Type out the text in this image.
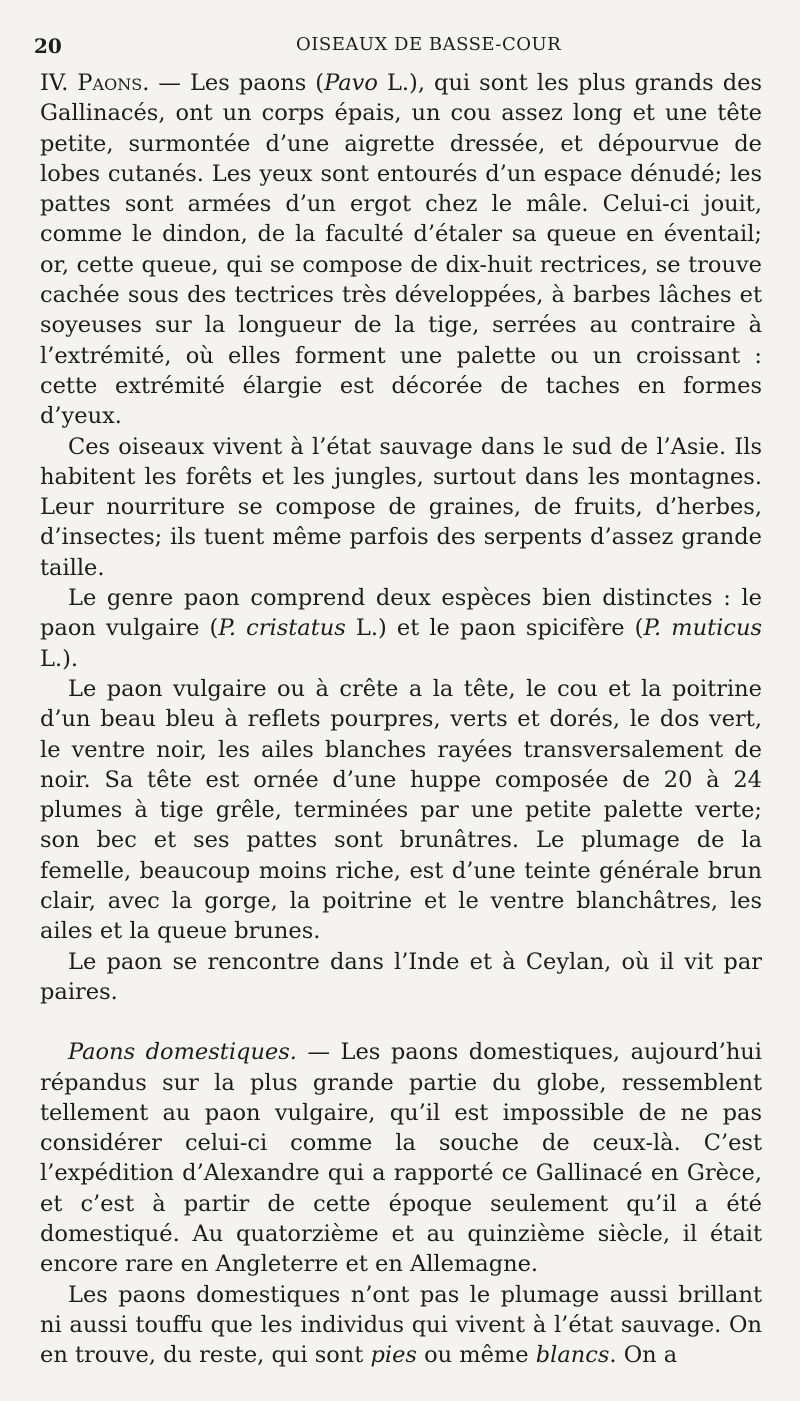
20	OISEAUX DE BASSE-COUR

IV. Paons. — Les paons (Pavo L.), qui sont les plus grands des Gallinacés, ont un corps épais, un cou assez long et une tête petite, surmontée d’une aigrette dressée, et dépourvue de lobes cutanés. Les yeux sont entourés d’un espace dénudé; les pattes sont armées d’un ergot chez le mâle. Celui-ci jouit, comme le dindon, de la faculté d’étaler sa queue en éventail; or, cette queue, qui se compose de dix-huit rectrices, se trouve cachée sous des tectrices très développées, à barbes lâches et soyeuses sur la longueur de la tige, serrées au contraire à l’extrémité, où elles forment une palette ou un croissant : cette extrémité élargie est décorée de taches en formes d’yeux.

Ces oiseaux vivent à l’état sauvage dans le sud de l’Asie. Ils habitent les forêts et les jungles, surtout dans les montagnes. Leur nourriture se compose de graines, de fruits, d’herbes, d’insectes; ils tuent même parfois des serpents d’assez grande taille.

Le genre paon comprend deux espèces bien distinctes : le paon vulgaire (P. cristatus L.) et le paon spicifère (P. muticus L.).

Le paon vulgaire ou à crête a la tête, le cou et la poitrine d’un beau bleu à reflets pourpres, verts et dorés, le dos vert, le ventre noir, les ailes blanches rayées transversalement de noir. Sa tête est ornée d’une huppe composée de 20 à 24 plumes à tige grêle, terminées par une petite palette verte; son bec et ses pattes sont brunâtres. Le plumage de la femelle, beaucoup moins riche, est d’une teinte générale brun clair, avec la gorge, la poitrine et le ventre blanchâtres, les ailes et la queue brunes.

Le paon se rencontre dans l’Inde et à Ceylan, où il vit par paires.

Paons domestiques. — Les paons domestiques, aujourd’hui répandus sur la plus grande partie du globe, ressemblent tellement au paon vulgaire, qu’il est impossible de ne pas considérer celui-ci comme la souche de ceux-là. C’est l’expédition d’Alexandre qui a rapporté ce Gallinacé en Grèce, et c’est à partir de cette époque seulement qu’il a été domestiqué. Au quatorzième et au quinzième siècle, il était encore rare en Angleterre et en Allemagne.

Les paons domestiques n’ont pas le plumage aussi brillant ni aussi touffu que les individus qui vivent à l’état sauvage. On en trouve, du reste, qui sont pies ou même blancs. On a
